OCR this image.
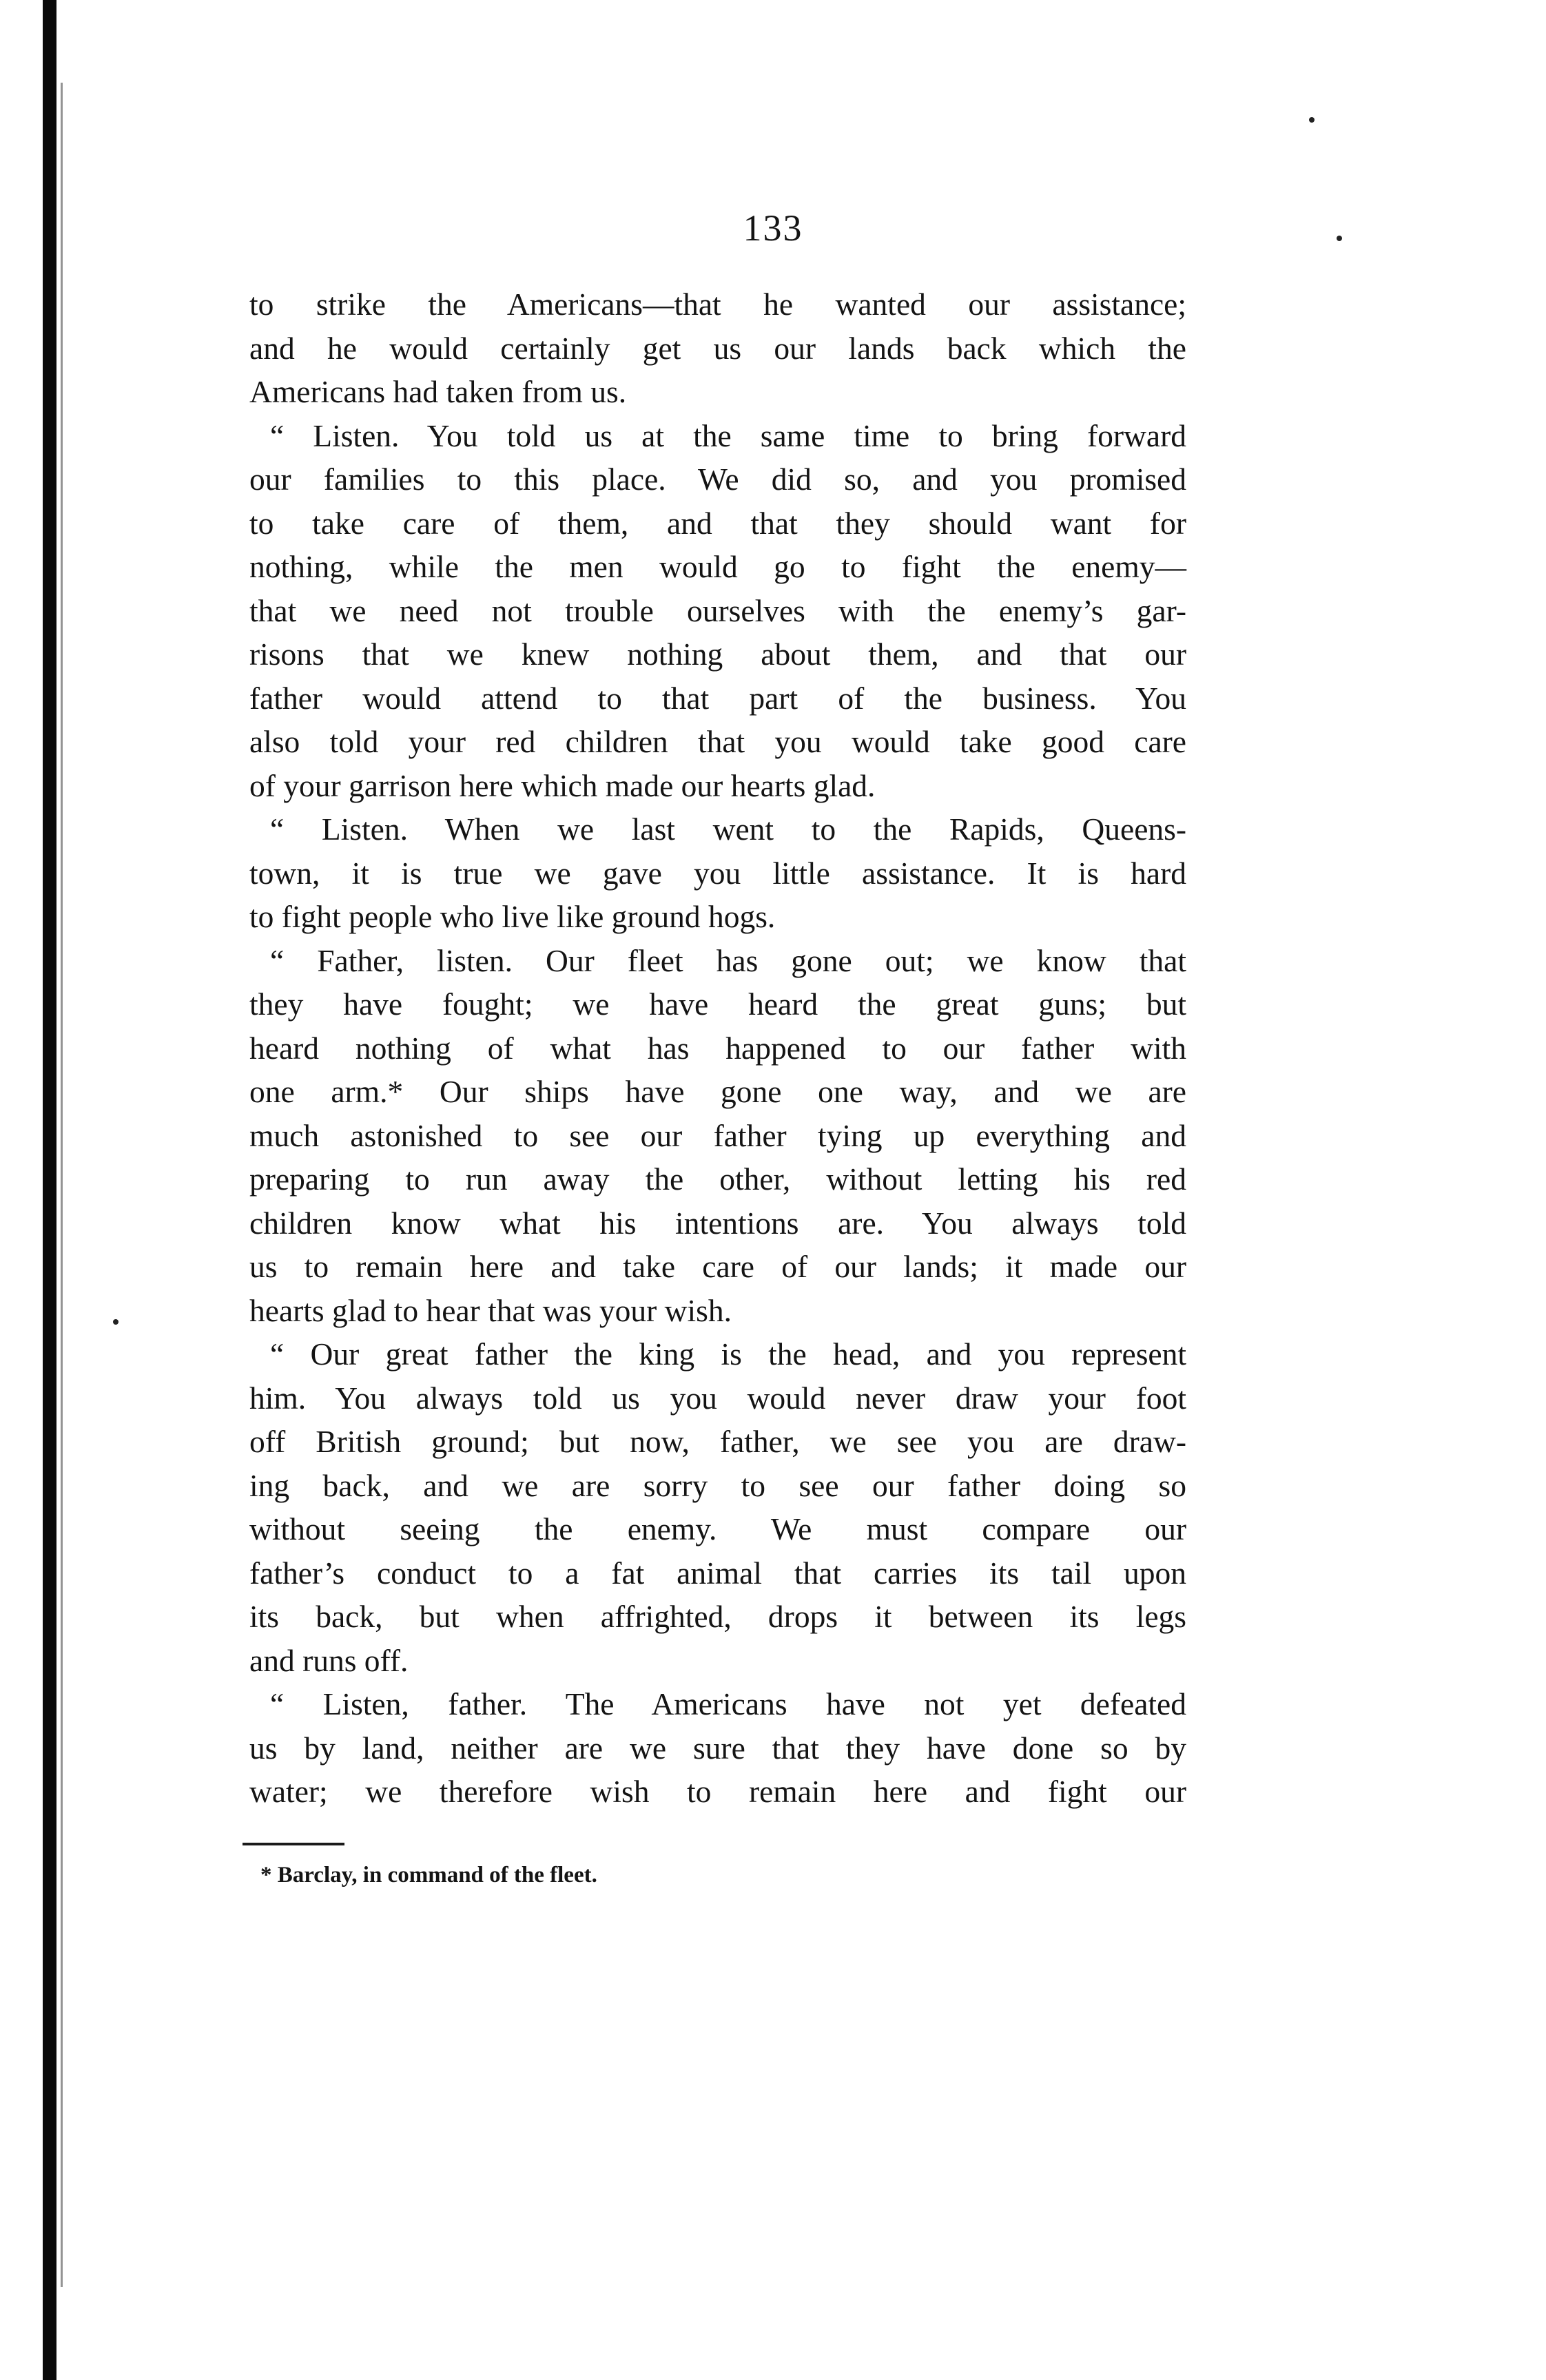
133
to strike the Americans—that he wanted our assistance;
and he would certainly get us our lands back which the
Americans had taken from us.
“ Listen. You told us at the same time to bring forward
our families to this place. We did so, and you promised
to take care of them, and that they should want for
nothing, while the men would go to fight the enemy—
that we need not trouble ourselves with the enemy’s gar-
risons that we knew nothing about them, and that our
father would attend to that part of the business. You
also told your red children that you would take good care
of your garrison here which made our hearts glad.
“ Listen. When we last went to the Rapids, Queens-
town, it is true we gave you little assistance. It is hard
to fight people who live like ground hogs.
“ Father, listen. Our fleet has gone out; we know that
they have fought; we have heard the great guns; but
heard nothing of what has happened to our father with
one arm.* Our ships have gone one way, and we are
much astonished to see our father tying up everything and
preparing to run away the other, without letting his red
children know what his intentions are. You always told
us to remain here and take care of our lands; it made our
hearts glad to hear that was your wish.
“ Our great father the king is the head, and you represent
him. You always told us you would never draw your foot
off British ground; but now, father, we see you are draw-
ing back, and we are sorry to see our father doing so
without seeing the enemy. We must compare our
father’s conduct to a fat animal that carries its tail upon
its back, but when affrighted, drops it between its legs
and runs off.
“ Listen, father. The Americans have not yet defeated
us by land, neither are we sure that they have done so by
water; we therefore wish to remain here and fight our
* Barclay, in command of the fleet.
